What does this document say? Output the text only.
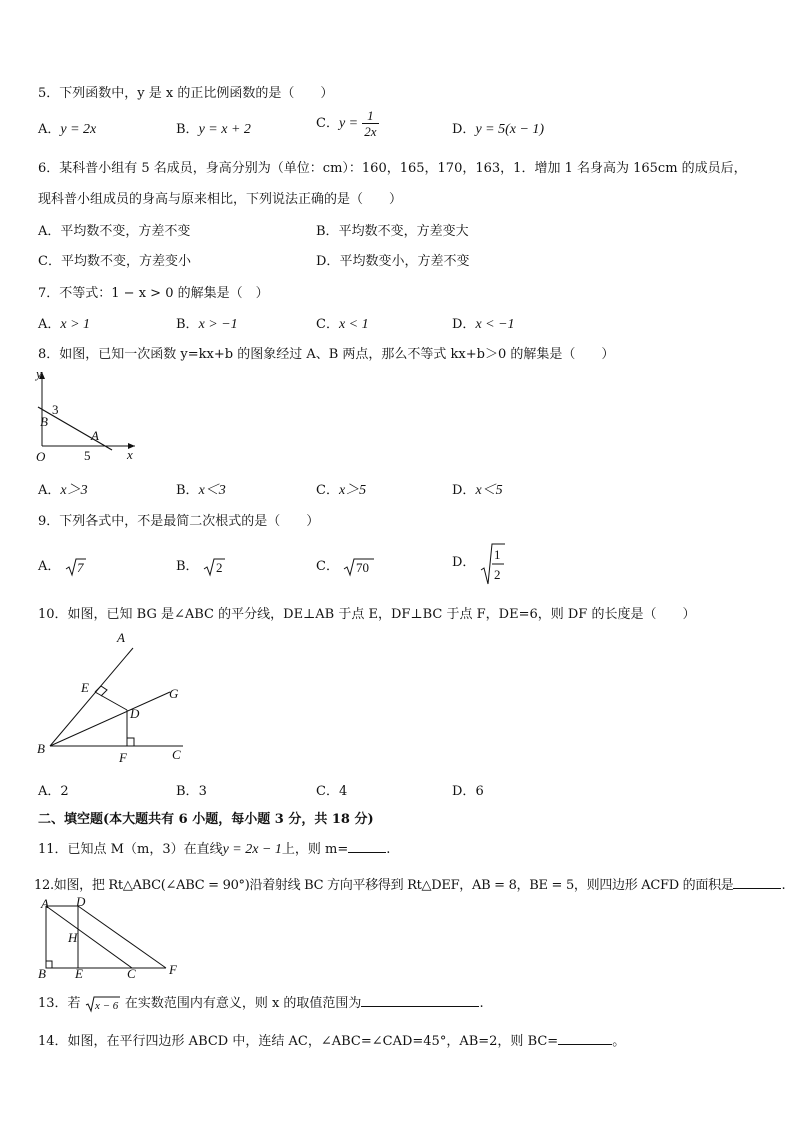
5．下列函数中，y 是 x 的正比例函数的是（　　）
A．y = 2x	B．y = x + 2	C．$y = \frac{1}{2x}$	D．y = 5(x − 1)
6．某科普小组有 5 名成员，身高分别为（单位：cm）：160，165，170，163，1．增加 1 名身高为 165cm 的成员后，
现科普小组成员的身高与原来相比，下列说法正确的是（　　）
A．平均数不变，方差不变	B．平均数不变，方差变大
C．平均数不变，方差变小	D．平均数变小，方差不变
7．不等式：1 − x > 0 的解集是（　）
A．x > 1	B．x > −1	C．x < 1	D．x < −1
8．如图，已知一次函数 y=kx+b 的图象经过 A、B 两点，那么不等式 kx+b＞0 的解集是（　　）
y
x
O
B
A
3
5
A．x＞3	B．x＜3	C．x＞5	D．x＜5
9．下列各式中，不是最简二次根式的是（　　）
A． 7	B． 2	C． 70	D． 1
2
10．如图，已知 BG 是∠ABC 的平分线，DE⊥AB 于点 E，DF⊥BC 于点 F，DE=6，则 DF 的长度是（　　）
A
E	G
D
B
F	C
A．2	B．3	C．4	D．6
二、填空题(本大题共有 6 小题，每小题 3 分，共 18 分)
11．已知点 M（m，3）在直线y = 2x − 1上，则 m=	.
12.如图，把 Rt△ABC(∠ABC = 90°)沿着射线 BC 方向平移得到 Rt△DEF，AB = 8，BE = 5，则四边形 ACFD 的面积是	.
A D
H
B E	C	F
13．若 x − 6 在实数范围内有意义，则 x 的取值范围为	.
14．如图，在平行四边形 ABCD 中，连结 AC，∠ABC=∠CAD=45°，AB=2，则 BC=	。
